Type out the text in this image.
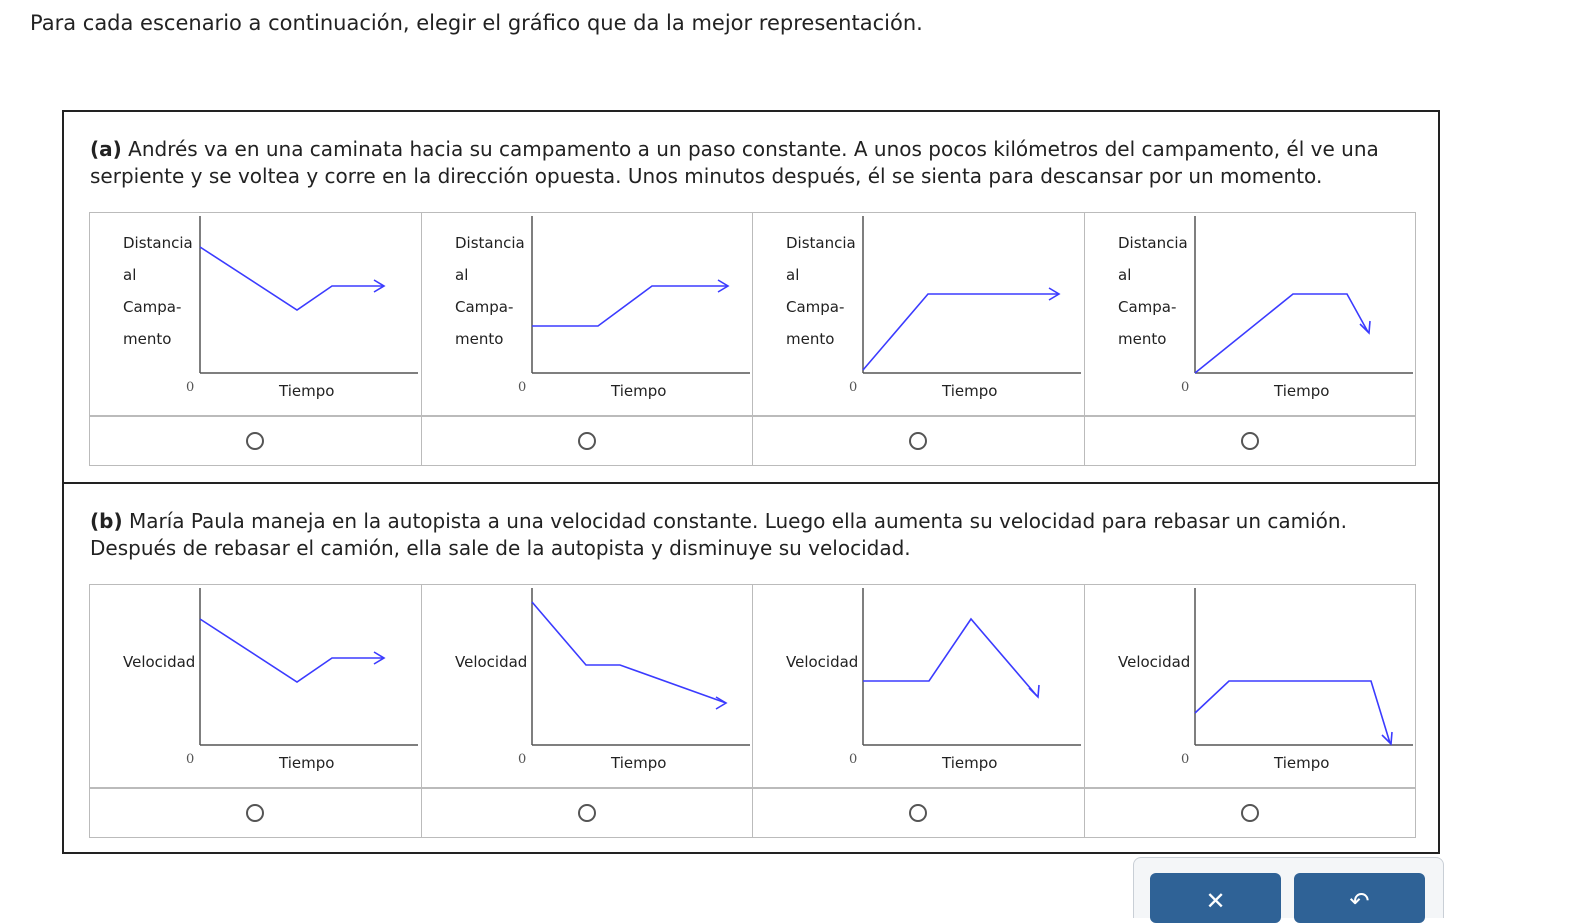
Para cada escenario a continuación, elegir el gráfico que da la mejor representación.
(a) Andrés va en una caminata hacia su campamento a un paso constante. A unos pocos kilómetros del campamento, él ve una
serpiente y se voltea y corre en la dirección opuesta. Unos minutos después, él se sienta para descansar por un momento.
Distancia
al
Campa-
mento
0	Tiempo
Distancia
al
Campa-
mento
0	Tiempo
Distancia
al
Campa-
mento
0	Tiempo
Distancia
al
Campa-
mento
0	Tiempo
(b) María Paula maneja en la autopista a una velocidad constante. Luego ella aumenta su velocidad para rebasar un camión.
Después de rebasar el camión, ella sale de la autopista y disminuye su velocidad.
Velocidad
0	Tiempo
Velocidad
0	Tiempo
Velocidad
0	Tiempo
Velocidad
0	Tiempo
✕	↶
